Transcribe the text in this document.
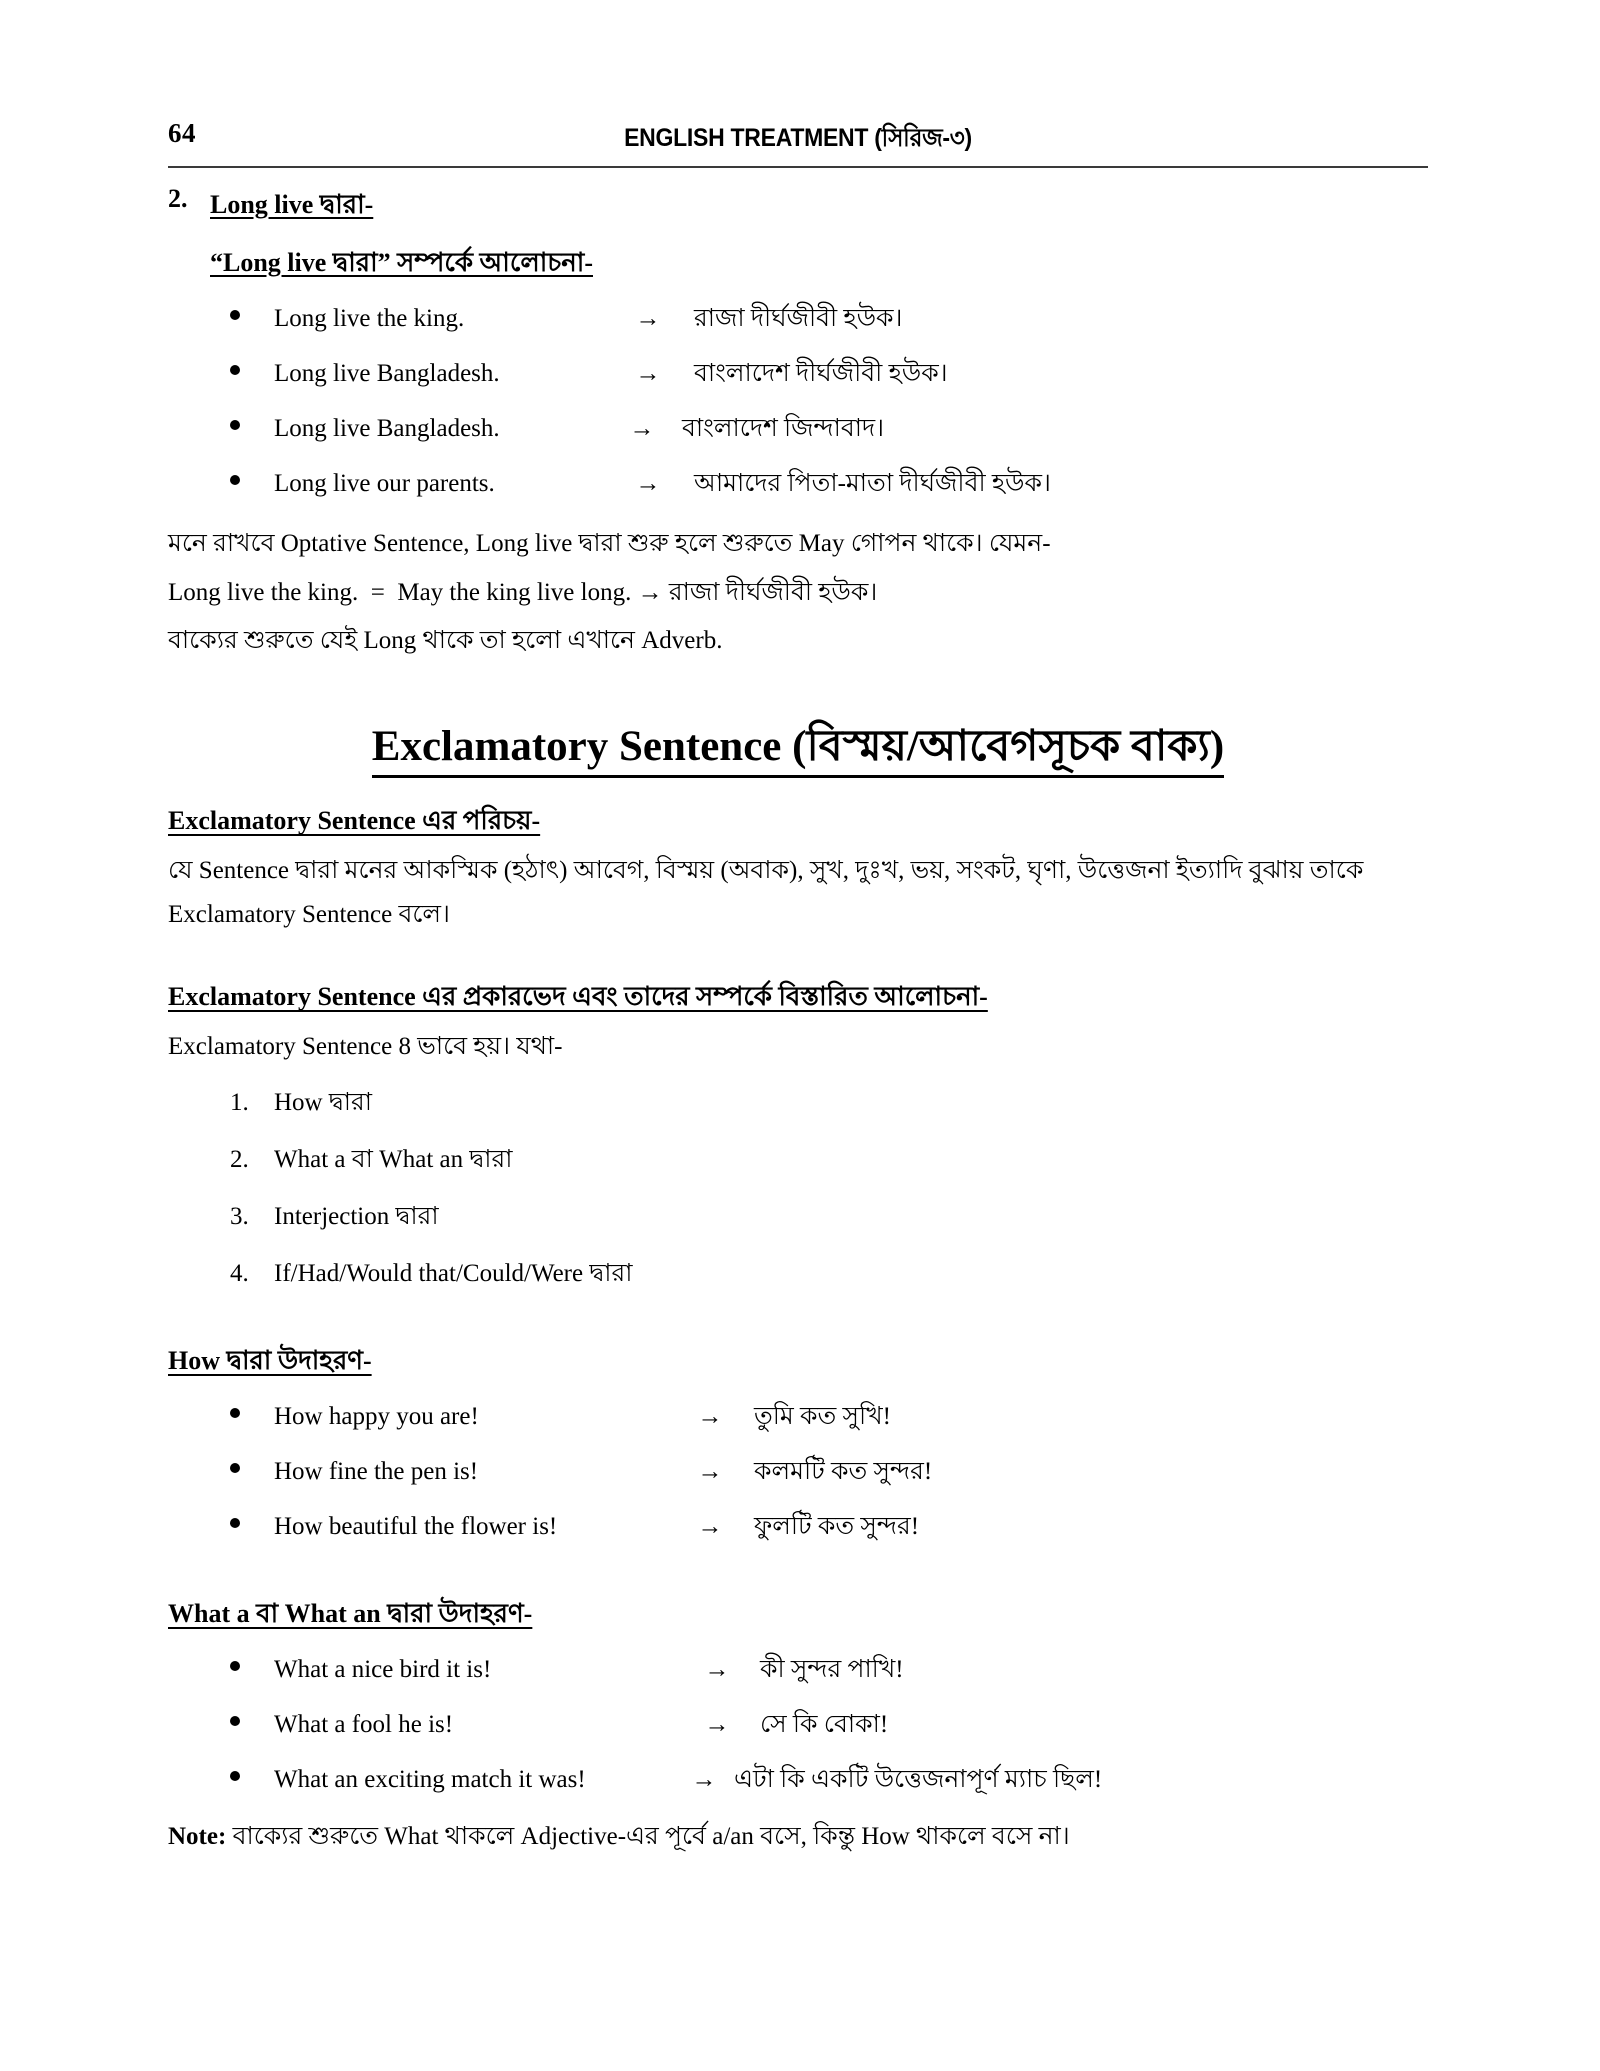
64	ENGLISH TREATMENT (সিরিজ-৩)
2. Long live দ্বারা-
“Long live দ্বারা” সম্পর্কে আলোচনা-
Long live the king.	→	রাজা দীর্ঘজীবী হউক।
Long live Bangladesh.	→	বাংলাদেশ দীর্ঘজীবী হউক।
Long live Bangladesh.	→	বাংলাদেশ জিন্দাবাদ।
Long live our parents.	→	আমাদের পিতা-মাতা দীর্ঘজীবী হউক।
মনে রাখবে Optative Sentence, Long live দ্বারা শুরু হলে শুরুতে May গোপন থাকে। যেমন-
Long live the king.  =  May the king live long. → রাজা দীর্ঘজীবী হউক।
বাক্যের শুরুতে যেই Long থাকে তা হলো এখানে Adverb.
Exclamatory Sentence (বিস্ময়/আবেগসূচক বাক্য)
Exclamatory Sentence এর পরিচয়-
যে Sentence দ্বারা মনের আকস্মিক (হঠাৎ) আবেগ, বিস্ময় (অবাক), সুখ, দুঃখ, ভয়, সংকট, ঘৃণা, উত্তেজনা ইত্যাদি বুঝায় তাকে
Exclamatory Sentence বলে।
Exclamatory Sentence এর প্রকারভেদ এবং তাদের সম্পর্কে বিস্তারিত আলোচনা-
Exclamatory Sentence 8 ভাবে হয়। যথা-
1.	How দ্বারা
2.	What a বা What an দ্বারা
3.	Interjection দ্বারা
4.	If/Had/Would that/Could/Were দ্বারা
How দ্বারা উদাহরণ-
How happy you are!	→	তুমি কত সুখি!
How fine the pen is!	→	কলমটি কত সুন্দর!
How beautiful the flower is!	→	ফুলটি কত সুন্দর!
What a বা What an দ্বারা উদাহরণ-
What a nice bird it is!	→	কী সুন্দর পাখি!
What a fool he is!	→	সে কি বোকা!
What an exciting match it was!	→ এটা কি একটি উত্তেজনাপূর্ণ ম্যাচ ছিল!
Note: বাক্যের শুরুতে What থাকলে Adjective-এর পূর্বে a/an বসে, কিন্তু How থাকলে বসে না।
